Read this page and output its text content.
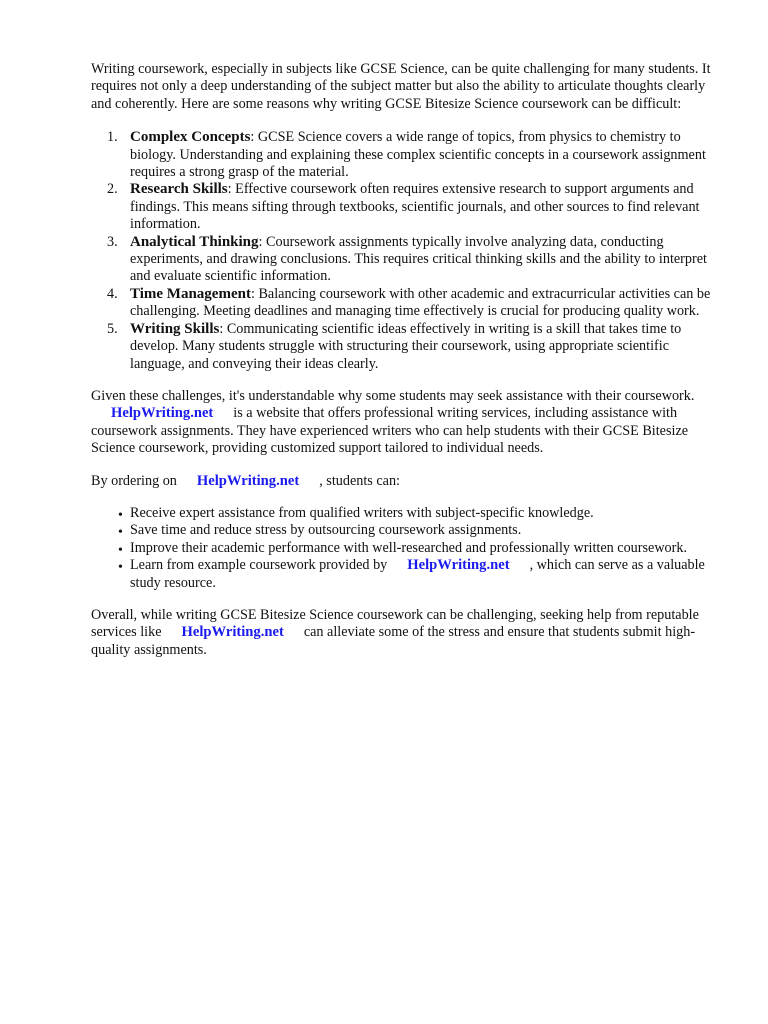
Writing coursework, especially in subjects like GCSE Science, can be quite challenging for many students. It requires not only a deep understanding of the subject matter but also the ability to articulate thoughts clearly and coherently. Here are some reasons why writing GCSE Bitesize Science coursework can be difficult:

1. Complex Concepts: GCSE Science covers a wide range of topics, from physics to chemistry to biology. Understanding and explaining these complex scientific concepts in a coursework assignment requires a strong grasp of the material.
2. Research Skills: Effective coursework often requires extensive research to support arguments and findings. This means sifting through textbooks, scientific journals, and other sources to find relevant information.
3. Analytical Thinking: Coursework assignments typically involve analyzing data, conducting experiments, and drawing conclusions. This requires critical thinking skills and the ability to interpret and evaluate scientific information.
4. Time Management: Balancing coursework with other academic and extracurricular activities can be challenging. Meeting deadlines and managing time effectively is crucial for producing quality work.
5. Writing Skills: Communicating scientific ideas effectively in writing is a skill that takes time to develop. Many students struggle with structuring their coursework, using appropriate scientific language, and conveying their ideas clearly.

Given these challenges, it's understandable why some students may seek assistance with their coursework.HelpWriting.net is a website that offers professional writing services, including assistance with coursework assignments. They have experienced writers who can help students with their GCSE Bitesize Science coursework, providing customized support tailored to individual needs.

By ordering on HelpWriting.net , students can:

• Receive expert assistance from qualified writers with subject-specific knowledge.
• Save time and reduce stress by outsourcing coursework assignments.
• Improve their academic performance with well-researched and professionally written coursework.
• Learn from example coursework provided by HelpWriting.net , which can serve as a valuable study resource.

Overall, while writing GCSE Bitesize Science coursework can be challenging, seeking help from reputable services like HelpWriting.net can alleviate some of the stress and ensure that students submit high-quality assignments.
